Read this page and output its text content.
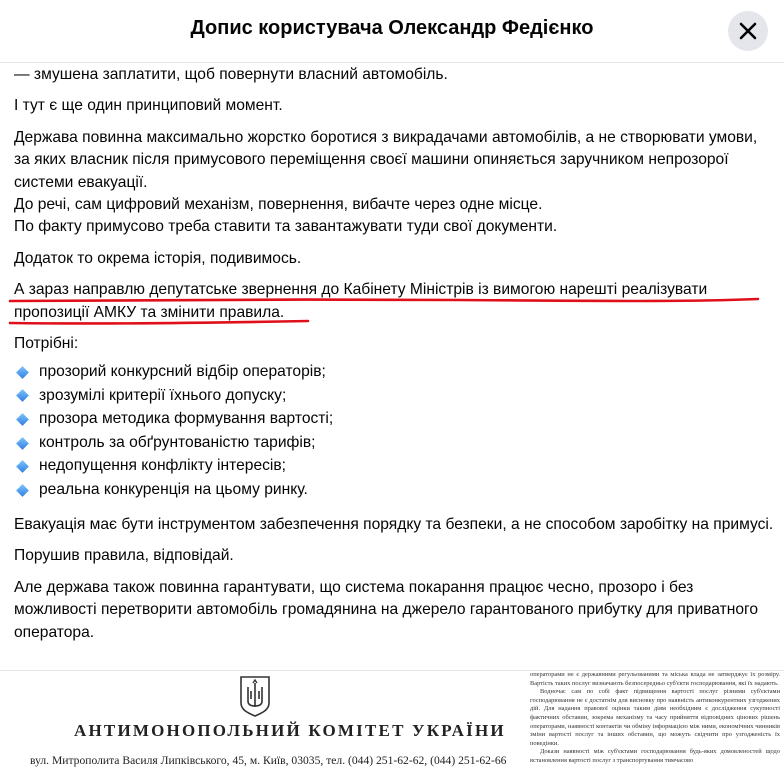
Допис користувача Олександр Федієнко

— змушена заплатити, щоб повернути власний автомобіль.

І тут є ще один принциповий момент.

Держава повинна максимально жорстко боротися з викрадачами автомобілів, а не створювати умови, за яких власник після примусового переміщення своєї машини опиняється заручником непрозорої системи евакуації.

До речі, сам цифровий механізм, повернення, вибачте через одне місце.

По факту примусово треба ставити та завантажувати туди свої документи.

Додаток то окрема історія, подивимось.

А зараз направлю депутатське звернення до Кабінету Міністрів із вимогою нарешті реалізувати пропозиції АМКУ та змінити правила.

Потрібні:

прозорий конкурсний відбір операторів;
зрозумілі критерії їхнього допуску;
прозора методика формування вартості;
контроль за обґрунтованістю тарифів;
недопущення конфлікту інтересів;
реальна конкуренція на цьому ринку.

Евакуація має бути інструментом забезпечення порядку та безпеки, а не способом заробітку на примусі.

Порушив правила, відповідай.

Але держава також повинна гарантувати, що система покарання працює чесно, прозоро і без можливості перетворити автомобіль громадянина на джерело гарантованого прибутку для приватного оператора.

АНТИМОНОПОЛЬНИЙ КОМІТЕТ УКРАЇНИ
вул. Митрополита Василя Липківського, 45, м. Київ, 03035, тел. (044) 251-62-62, (044) 251-62-66

операторами не є державними регульованими та міська влада не затверджує їх розміру. Вартість таких послуг визначають безпосередньо суб'єкти господарювання, які їх надають.

Водночас сам по собі факт підвищення вартості послуг різними суб'єктами господарювання не є достатнім для висновку про наявність антиконкурентних узгоджених дій. Для надання правової оцінки таким діям необхідним є дослідження сукупності фактичних обставин, зокрема механізму та часу прийняття відповідних цінових рішень операторами, наявності контактів чи обміну інформацією між ними, економічних чинників зміни вартості послуг та інших обставин, що можуть свідчити про узгодженість їх поведінки.

Докази наявності між суб'єктами господарювання будь-яких домовленостей щодо встановлення вартості послуг з транспортування тимчасово
